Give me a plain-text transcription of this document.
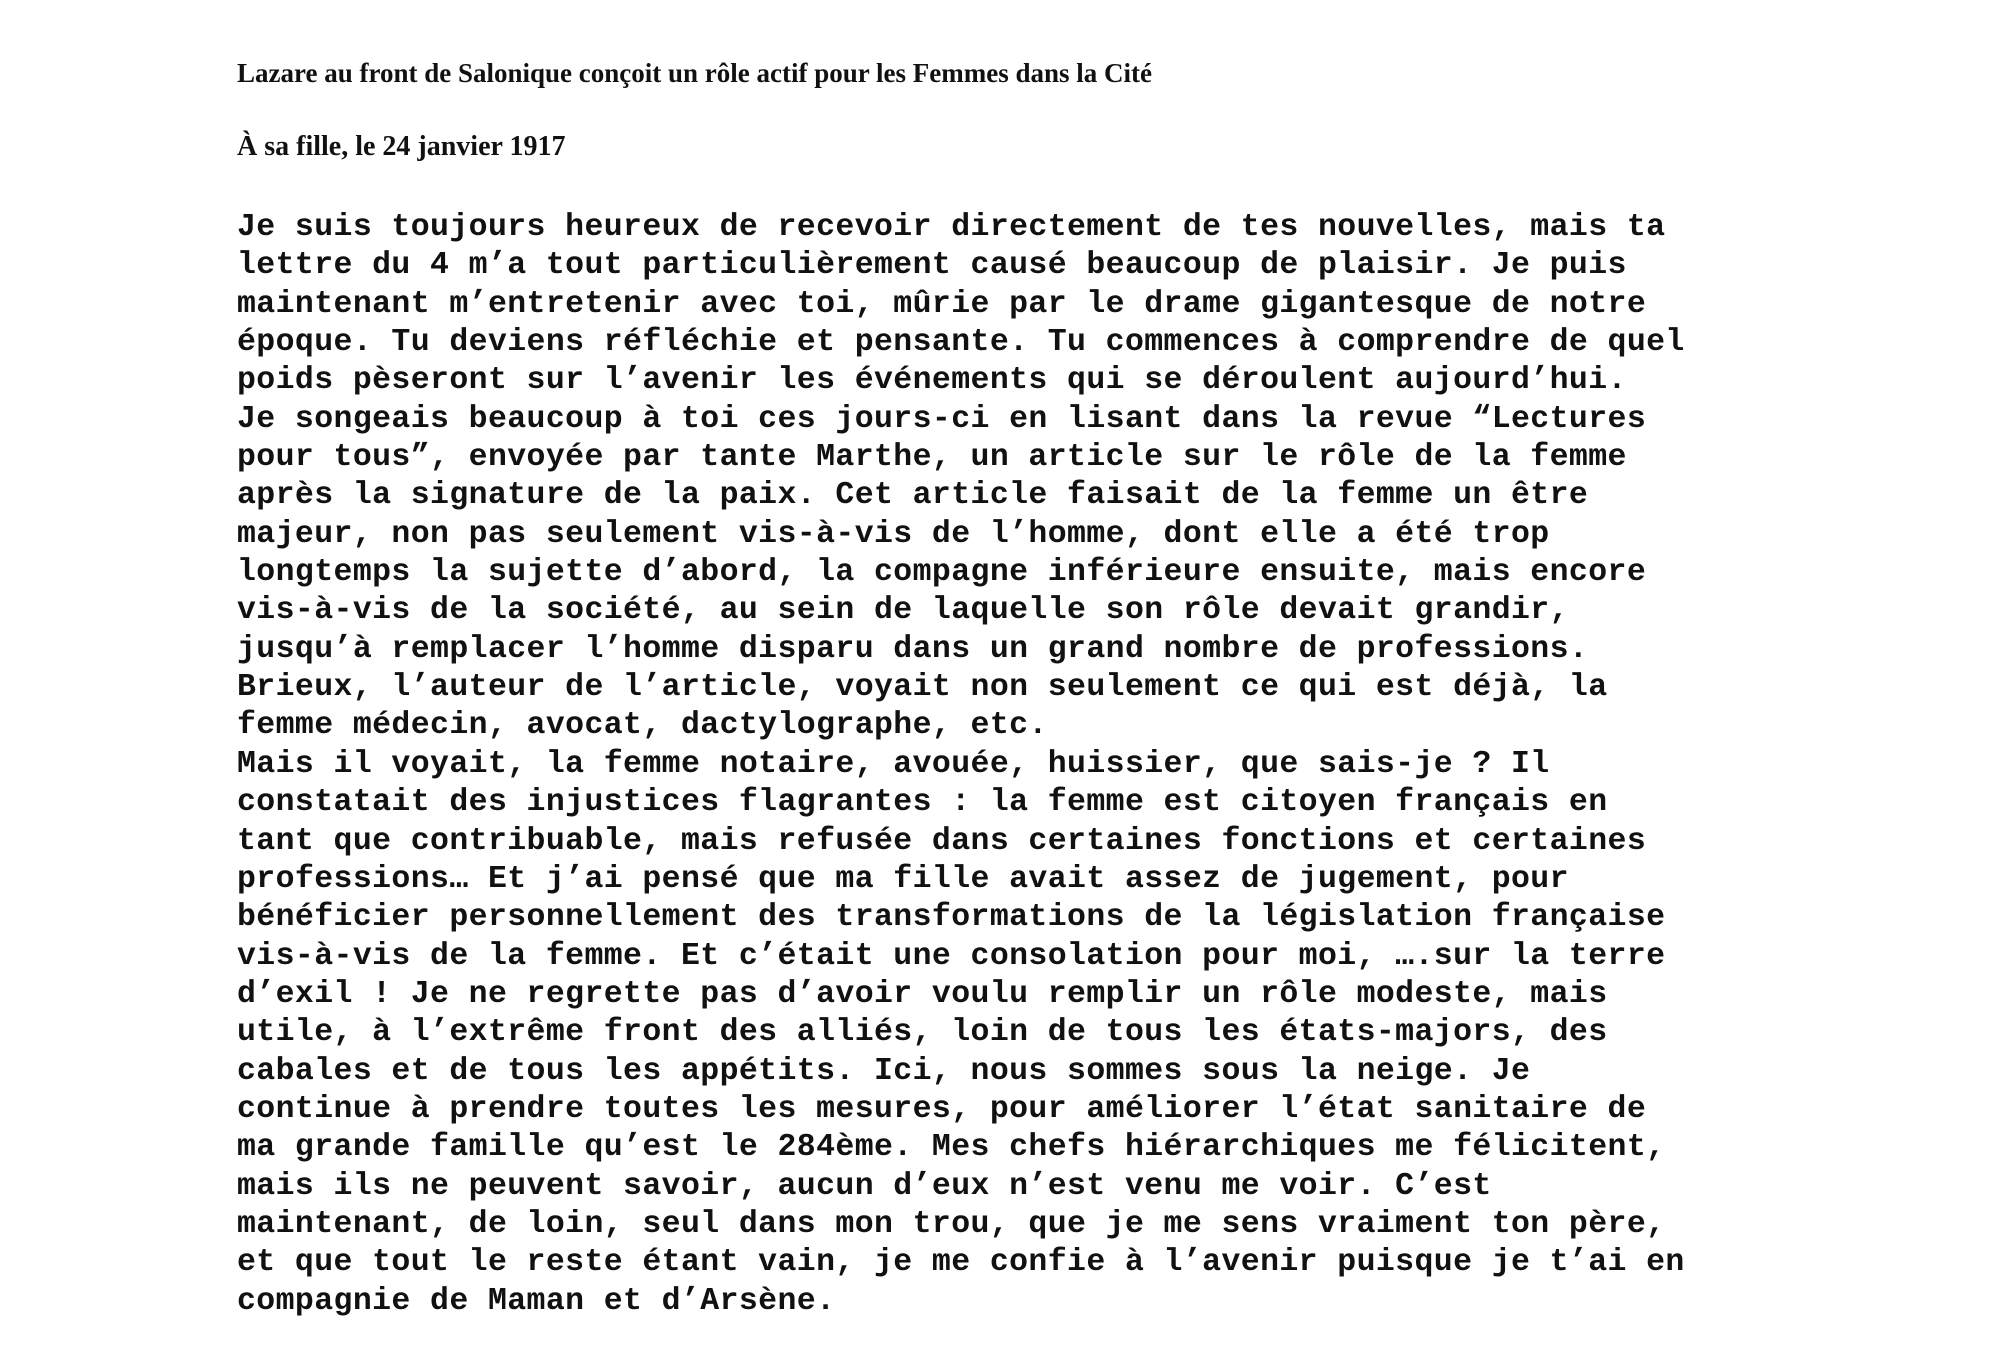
Lazare au front de Salonique conçoit un rôle actif pour les Femmes dans la Cité
À sa fille, le 24 janvier 1917
Je suis toujours heureux de recevoir directement de tes nouvelles, mais ta
lettre du 4 m’a tout particulièrement causé beaucoup de plaisir. Je puis
maintenant m’entretenir avec toi, mûrie par le drame gigantesque de notre
époque. Tu deviens réfléchie et pensante. Tu commences à comprendre de quel
poids pèseront sur l’avenir les événements qui se déroulent aujourd’hui.
Je songeais beaucoup à toi ces jours-ci en lisant dans la revue “Lectures
pour tous”, envoyée par tante Marthe, un article sur le rôle de la femme
après la signature de la paix. Cet article faisait de la femme un être
majeur, non pas seulement vis-à-vis de l’homme, dont elle a été trop
longtemps la sujette d’abord, la compagne inférieure ensuite, mais encore
vis-à-vis de la société, au sein de laquelle son rôle devait grandir,
jusqu’à remplacer l’homme disparu dans un grand nombre de professions.
Brieux, l’auteur de l’article, voyait non seulement ce qui est déjà, la
femme médecin, avocat, dactylographe, etc.
Mais il voyait, la femme notaire, avouée, huissier, que sais-je ? Il
constatait des injustices flagrantes : la femme est citoyen français en
tant que contribuable, mais refusée dans certaines fonctions et certaines
professions… Et j’ai pensé que ma fille avait assez de jugement, pour
bénéficier personnellement des transformations de la législation française
vis-à-vis de la femme. Et c’était une consolation pour moi, ….sur la terre
d’exil ! Je ne regrette pas d’avoir voulu remplir un rôle modeste, mais
utile, à l’extrême front des alliés, loin de tous les états-majors, des
cabales et de tous les appétits. Ici, nous sommes sous la neige. Je
continue à prendre toutes les mesures, pour améliorer l’état sanitaire de
ma grande famille qu’est le 284ème. Mes chefs hiérarchiques me félicitent,
mais ils ne peuvent savoir, aucun d’eux n’est venu me voir. C’est
maintenant, de loin, seul dans mon trou, que je me sens vraiment ton père,
et que tout le reste étant vain, je me confie à l’avenir puisque je t’ai en
compagnie de Maman et d’Arsène.
